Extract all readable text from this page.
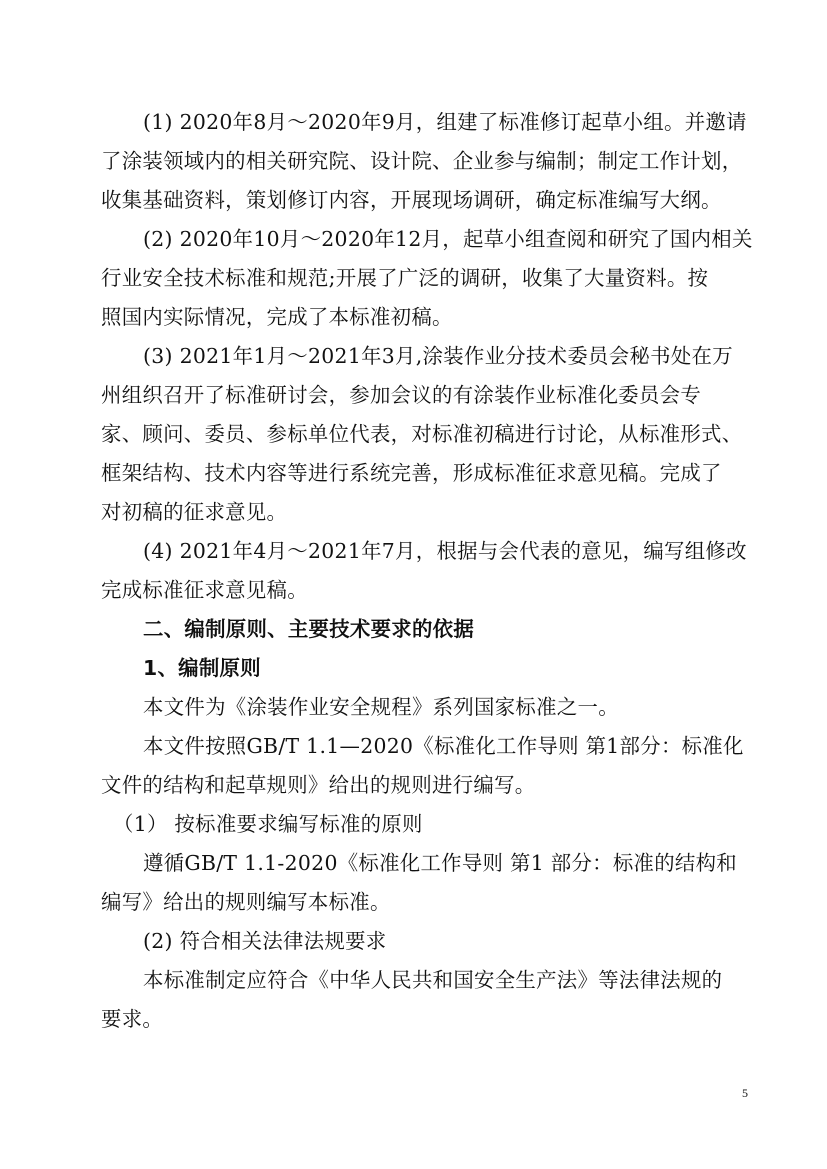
(1) 2020年8月～2020年9月，组建了标准修订起草小组。并邀请
了涂装领域内的相关研究院、设计院、企业参与编制；制定工作计划，
收集基础资料，策划修订内容，开展现场调研，确定标准编写大纲。
(2) 2020年10月～2020年12月，起草小组查阅和研究了国内相关
行业安全技术标准和规范;开展了广泛的调研，收集了大量资料。按
照国内实际情况，完成了本标准初稿。
(3) 2021年1月～2021年3月,涂装作业分技术委员会秘书处在万
州组织召开了标准研讨会，参加会议的有涂装作业标准化委员会专
家、顾问、委员、参标单位代表，对标准初稿进行讨论，从标准形式、
框架结构、技术内容等进行系统完善，形成标准征求意见稿。完成了
对初稿的征求意见。
(4) 2021年4月～2021年7月，根据与会代表的意见，编写组修改
完成标准征求意见稿。
二、编制原则、主要技术要求的依据
1、编制原则
本文件为《涂装作业安全规程》系列国家标准之一。
本文件按照GB/T 1.1—2020《标准化工作导则 第1部分：标准化
文件的结构和起草规则》给出的规则进行编写。
（1） 按标准要求编写标准的原则
遵循GB/T 1.1-2020《标准化工作导则 第1 部分：标准的结构和
编写》给出的规则编写本标准。
(2) 符合相关法律法规要求
本标准制定应符合《中华人民共和国安全生产法》等法律法规的
要求。
5
